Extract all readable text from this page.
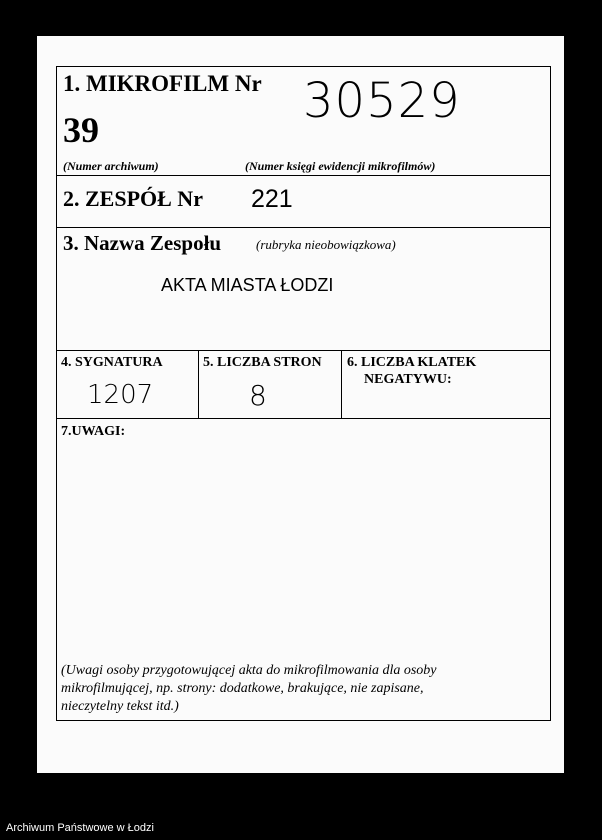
1. MIKROFILM Nr
39
30529
(Numer archiwum)	(Numer księgi ewidencji mikrofilmów)
2. ZESPÓŁ Nr 221
3. Nazwa Zespołu	(rubryka nieobowiązkowa)
AKTA MIASTA ŁODZI
4. SYGNATURA
1207
5. LICZBA STRON
8
6. LICZBA KLATEK
NEGATYWU:
7.UWAGI:
(Uwagi osoby przygotowującej akta do mikrofilmowania dla osoby
mikrofilmującej, np. strony: dodatkowe, brakujące, nie zapisane,
nieczytelny tekst itd.)
Archiwum Państwowe w Łodzi
